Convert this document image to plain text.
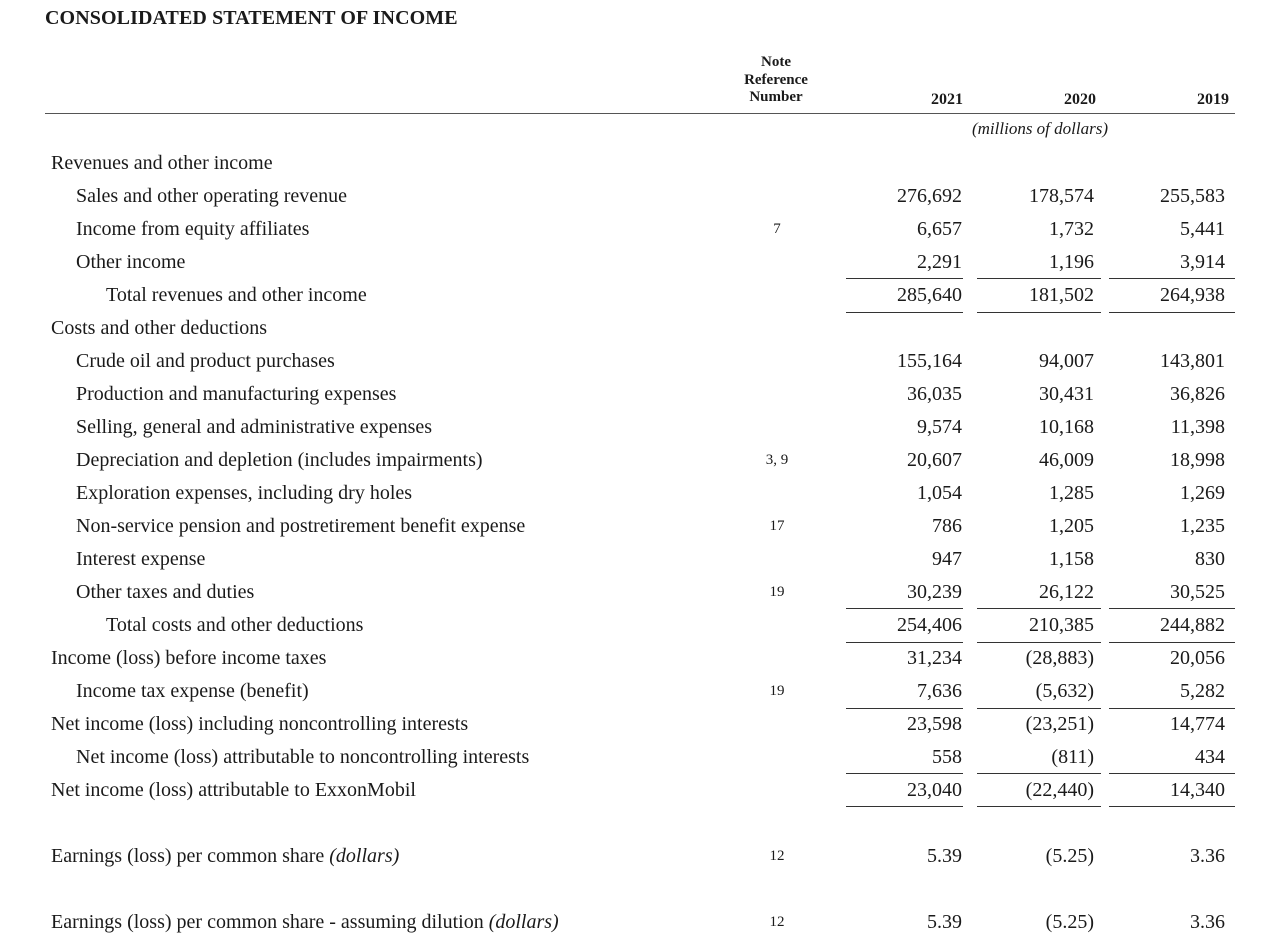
CONSOLIDATED STATEMENT OF INCOME
Note
Reference
Number	2021	2020	2019
(millions of dollars)
Revenues and other income
Sales and other operating revenue	276,692	178,574	255,583
Income from equity affiliates	7	6,657	1,732	5,441
Other income	2,291	1,196	3,914
Total revenues and other income	285,640	181,502	264,938
Costs and other deductions
Crude oil and product purchases	155,164	94,007	143,801
Production and manufacturing expenses	36,035	30,431	36,826
Selling, general and administrative expenses	9,574	10,168	11,398
Depreciation and depletion (includes impairments)	3, 9	20,607	46,009	18,998
Exploration expenses, including dry holes	1,054	1,285	1,269
Non-service pension and postretirement benefit expense	17	786	1,205	1,235
Interest expense	947	1,158	830
Other taxes and duties	19	30,239	26,122	30,525
Total costs and other deductions	254,406	210,385	244,882
Income (loss) before income taxes	31,234	(28,883)	20,056
Income tax expense (benefit)	19	7,636	(5,632)	5,282
Net income (loss) including noncontrolling interests	23,598	(23,251)	14,774
Net income (loss) attributable to noncontrolling interests	558	(811)	434
Net income (loss) attributable to ExxonMobil	23,040	(22,440)	14,340
Earnings (loss) per common share (dollars)	12	5.39	(5.25)	3.36
Earnings (loss) per common share - assuming dilution (dollars)	12	5.39	(5.25)	3.36
